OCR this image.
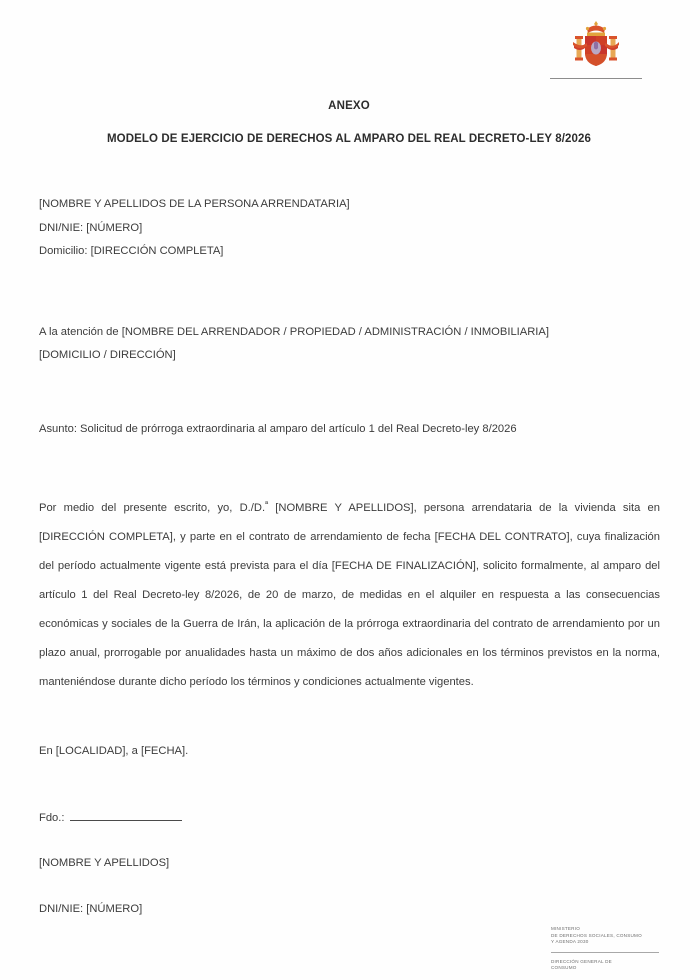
ANEXO
MODELO DE EJERCICIO DE DERECHOS AL AMPARO DEL REAL DECRETO-LEY 8/2026
[NOMBRE Y APELLIDOS DE LA PERSONA ARRENDATARIA]
DNI/NIE: [NÚMERO]
Domicilio: [DIRECCIÓN COMPLETA]
A la atención de [NOMBRE DEL ARRENDADOR / PROPIEDAD / ADMINISTRACIÓN / INMOBILIARIA]
[DOMICILIO / DIRECCIÓN]
Asunto: Solicitud de prórroga extraordinaria al amparo del artículo 1 del Real Decreto-ley 8/2026

Por medio del presente escrito, yo, D./D.$^ª$ [NOMBRE Y APELLIDOS], persona arrendataria de la vivienda sita en [DIRECCIÓN COMPLETA], y parte en el contrato de arrendamiento de fecha [FECHA DEL CONTRATO], cuya finalización del período actualmente vigente está prevista para el día [FECHA DE FINALIZACIÓN], solicito formalmente, al amparo del artículo 1 del Real Decreto-ley 8/2026, de 20 de marzo, de medidas en el alquiler en respuesta a las consecuencias económicas y sociales de la Guerra de Irán, la aplicación de la prórroga extraordinaria del contrato de arrendamiento por un plazo anual, prorrogable por anualidades hasta un máximo de dos años adicionales en los términos previstos en la norma, manteniéndose durante dicho período los términos y condiciones actualmente vigentes.

En [LOCALIDAD], a [FECHA].
Fdo.:
[NOMBRE Y APELLIDOS]
DNI/NIE: [NÚMERO]
MINISTERIO
DE DERECHOS SOCIALES, CONSUMO
Y AGENDA 2030
DIRECCIÓN GENERAL DE
CONSUMO
